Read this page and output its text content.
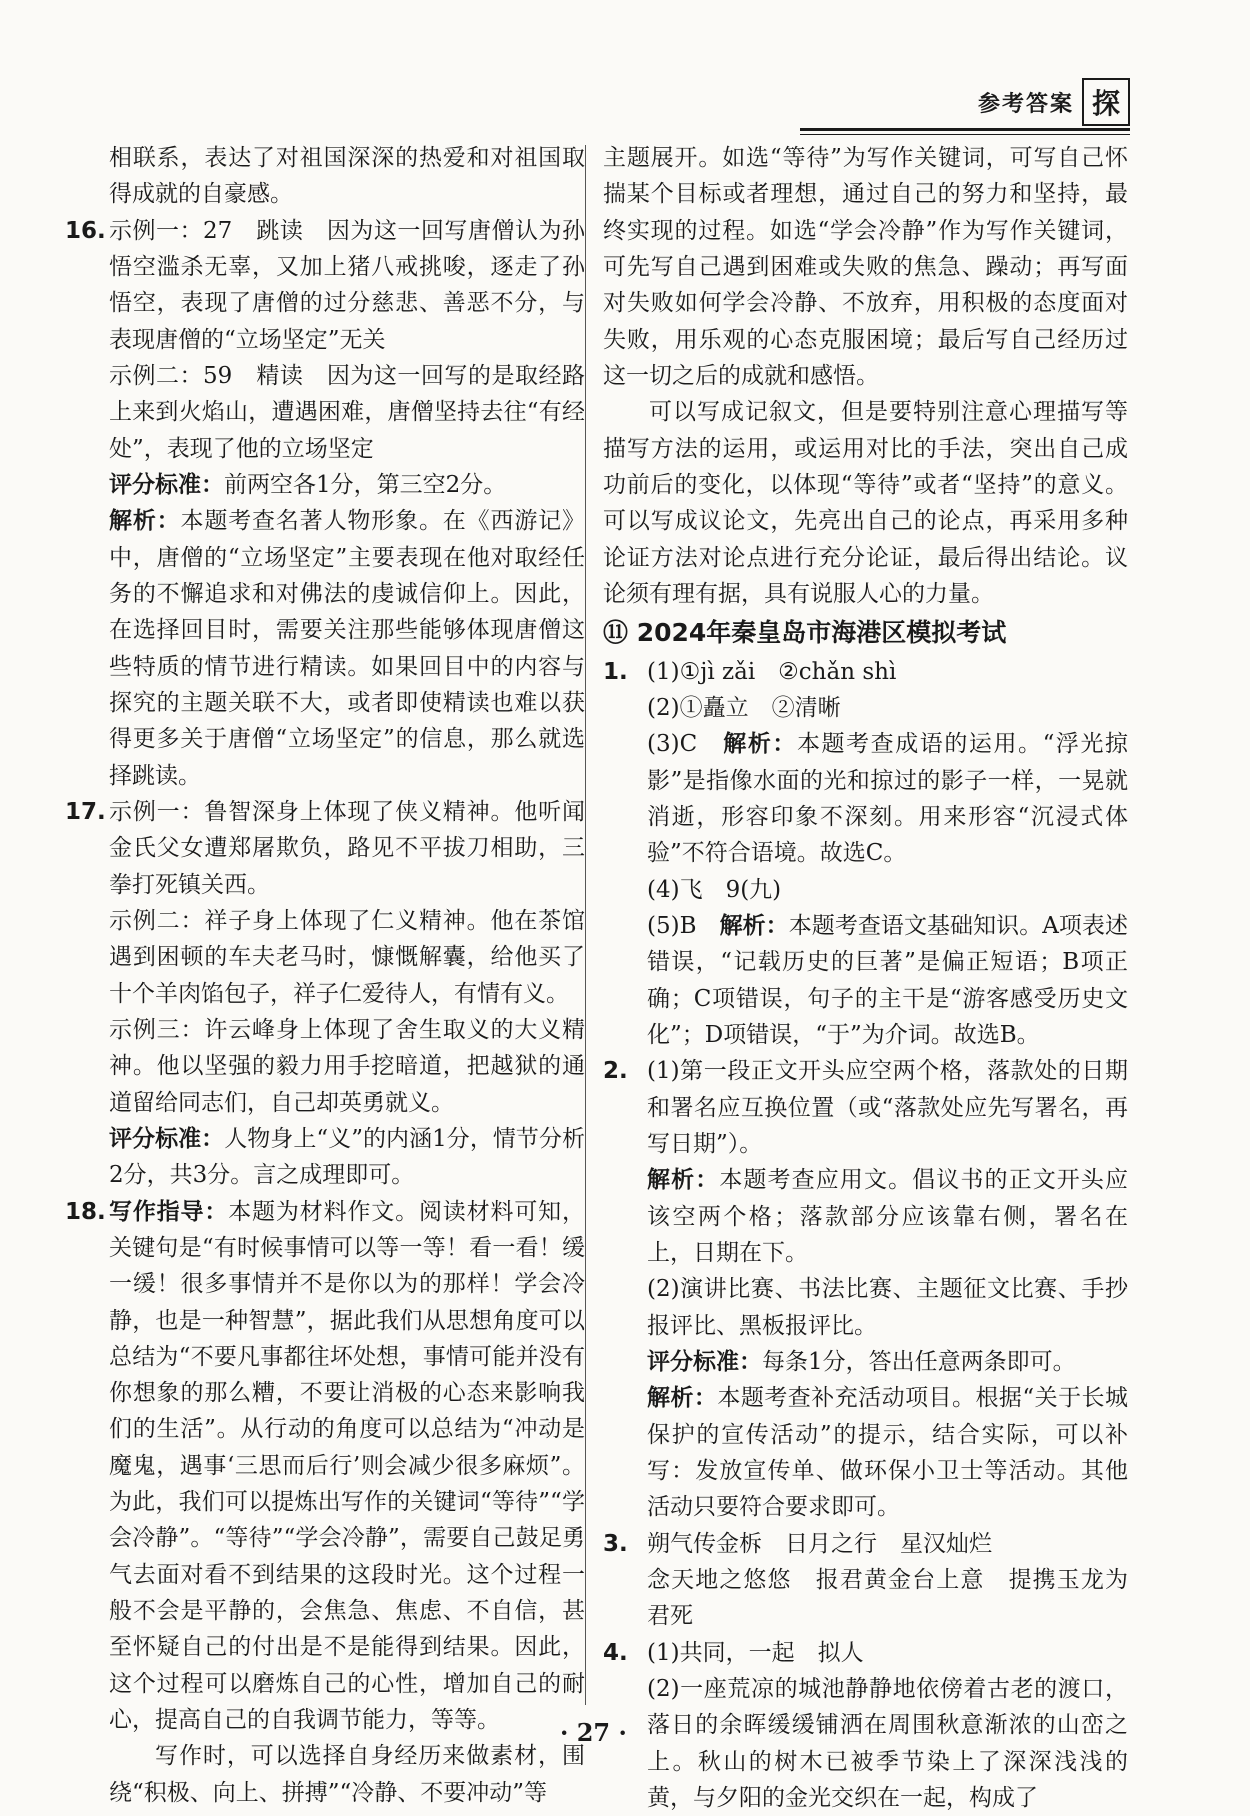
参考答案 探

相联系，表达了对祖国深深的热爱和对祖国取得成就的自豪感。

16. 示例一：27　跳读　因为这一回写唐僧认为孙悟空滥杀无辜，又加上猪八戒挑唆，逐走了孙悟空，表现了唐僧的过分慈悲、善恶不分，与表现唐僧的“立场坚定”无关

示例二：59　精读　因为这一回写的是取经路上来到火焰山，遭遇困难，唐僧坚持去往“有经处”，表现了他的立场坚定

评分标准：前两空各1分，第三空2分。

解析：本题考查名著人物形象。在《西游记》中，唐僧的“立场坚定”主要表现在他对取经任务的不懈追求和对佛法的虔诚信仰上。因此，在选择回目时，需要关注那些能够体现唐僧这些特质的情节进行精读。如果回目中的内容与探究的主题关联不大，或者即使精读也难以获得更多关于唐僧“立场坚定”的信息，那么就选择跳读。

17. 示例一：鲁智深身上体现了侠义精神。他听闻金氏父女遭郑屠欺负，路见不平拔刀相助，三拳打死镇关西。

示例二：祥子身上体现了仁义精神。他在茶馆遇到困顿的车夫老马时，慷慨解囊，给他买了十个羊肉馅包子，祥子仁爱待人，有情有义。

示例三：许云峰身上体现了舍生取义的大义精神。他以坚强的毅力用手挖暗道，把越狱的通道留给同志们，自己却英勇就义。

评分标准：人物身上“义”的内涵1分，情节分析2分，共3分。言之成理即可。

18. 写作指导：本题为材料作文。阅读材料可知，关键句是“有时候事情可以等一等！看一看！缓一缓！很多事情并不是你以为的那样！学会冷静，也是一种智慧”，据此我们从思想角度可以总结为“不要凡事都往坏处想，事情可能并没有你想象的那么糟，不要让消极的心态来影响我们的生活”。从行动的角度可以总结为“冲动是魔鬼，遇事‘三思而后行’则会减少很多麻烦”。为此，我们可以提炼出写作的关键词“等待”“学会冷静”。“等待”“学会冷静”，需要自己鼓足勇气去面对看不到结果的这段时光。这个过程一般不会是平静的，会焦急、焦虑、不自信，甚至怀疑自己的付出是不是能得到结果。因此，这个过程可以磨炼自己的心性，增加自己的耐心，提高自己的自我调节能力，等等。

写作时，可以选择自身经历来做素材，围绕“积极、向上、拼搏”“冷静、不要冲动”等

主题展开。如选“等待”为写作关键词，可写自己怀揣某个目标或者理想，通过自己的努力和坚持，最终实现的过程。如选“学会冷静”作为写作关键词，可先写自己遇到困难或失败的焦急、躁动；再写面对失败如何学会冷静、不放弃，用积极的态度面对失败，用乐观的心态克服困境；最后写自己经历过这一切之后的成就和感悟。

可以写成记叙文，但是要特别注意心理描写等描写方法的运用，或运用对比的手法，突出自己成功前后的变化，以体现“等待”或者“坚持”的意义。可以写成议论文，先亮出自己的论点，再采用多种论证方法对论点进行充分论证，最后得出结论。议论须有理有据，具有说服人心的力量。

⑪ 2024年秦皇岛市海港区模拟考试
1. (1)①jì zǎi　②chǎn shì

(2)①矗立　②清晰

(3)C　解析：本题考查成语的运用。“浮光掠影”是指像水面的光和掠过的影子一样，一晃就消逝，形容印象不深刻。用来形容“沉浸式体验”不符合语境。故选C。

(4)飞　9(九)

(5)B　解析：本题考查语文基础知识。A项表述错误，“记载历史的巨著”是偏正短语；B项正确；C项错误，句子的主干是“游客感受历史文化”；D项错误，“于”为介词。故选B。

2. (1)第一段正文开头应空两个格，落款处的日期和署名应互换位置（或“落款处应先写署名，再写日期”）。

解析：本题考查应用文。倡议书的正文开头应该空两个格；落款部分应该靠右侧，署名在上，日期在下。

(2)演讲比赛、书法比赛、主题征文比赛、手抄报评比、黑板报评比。

评分标准：每条1分，答出任意两条即可。

解析：本题考查补充活动项目。根据“关于长城保护的宣传活动”的提示，结合实际，可以补写：发放宣传单、做环保小卫士等活动。其他活动只要符合要求即可。

3. 朔气传金柝　日月之行　星汉灿烂

念天地之悠悠　报君黄金台上意　提携玉龙为君死

4. (1)共同，一起　拟人

(2)一座荒凉的城池静静地依傍着古老的渡口，落日的余晖缓缓铺洒在周围秋意渐浓的山峦之上。秋山的树木已被季节染上了深深浅浅的黄，与夕阳的金光交织在一起，构成了

· 27 ·
